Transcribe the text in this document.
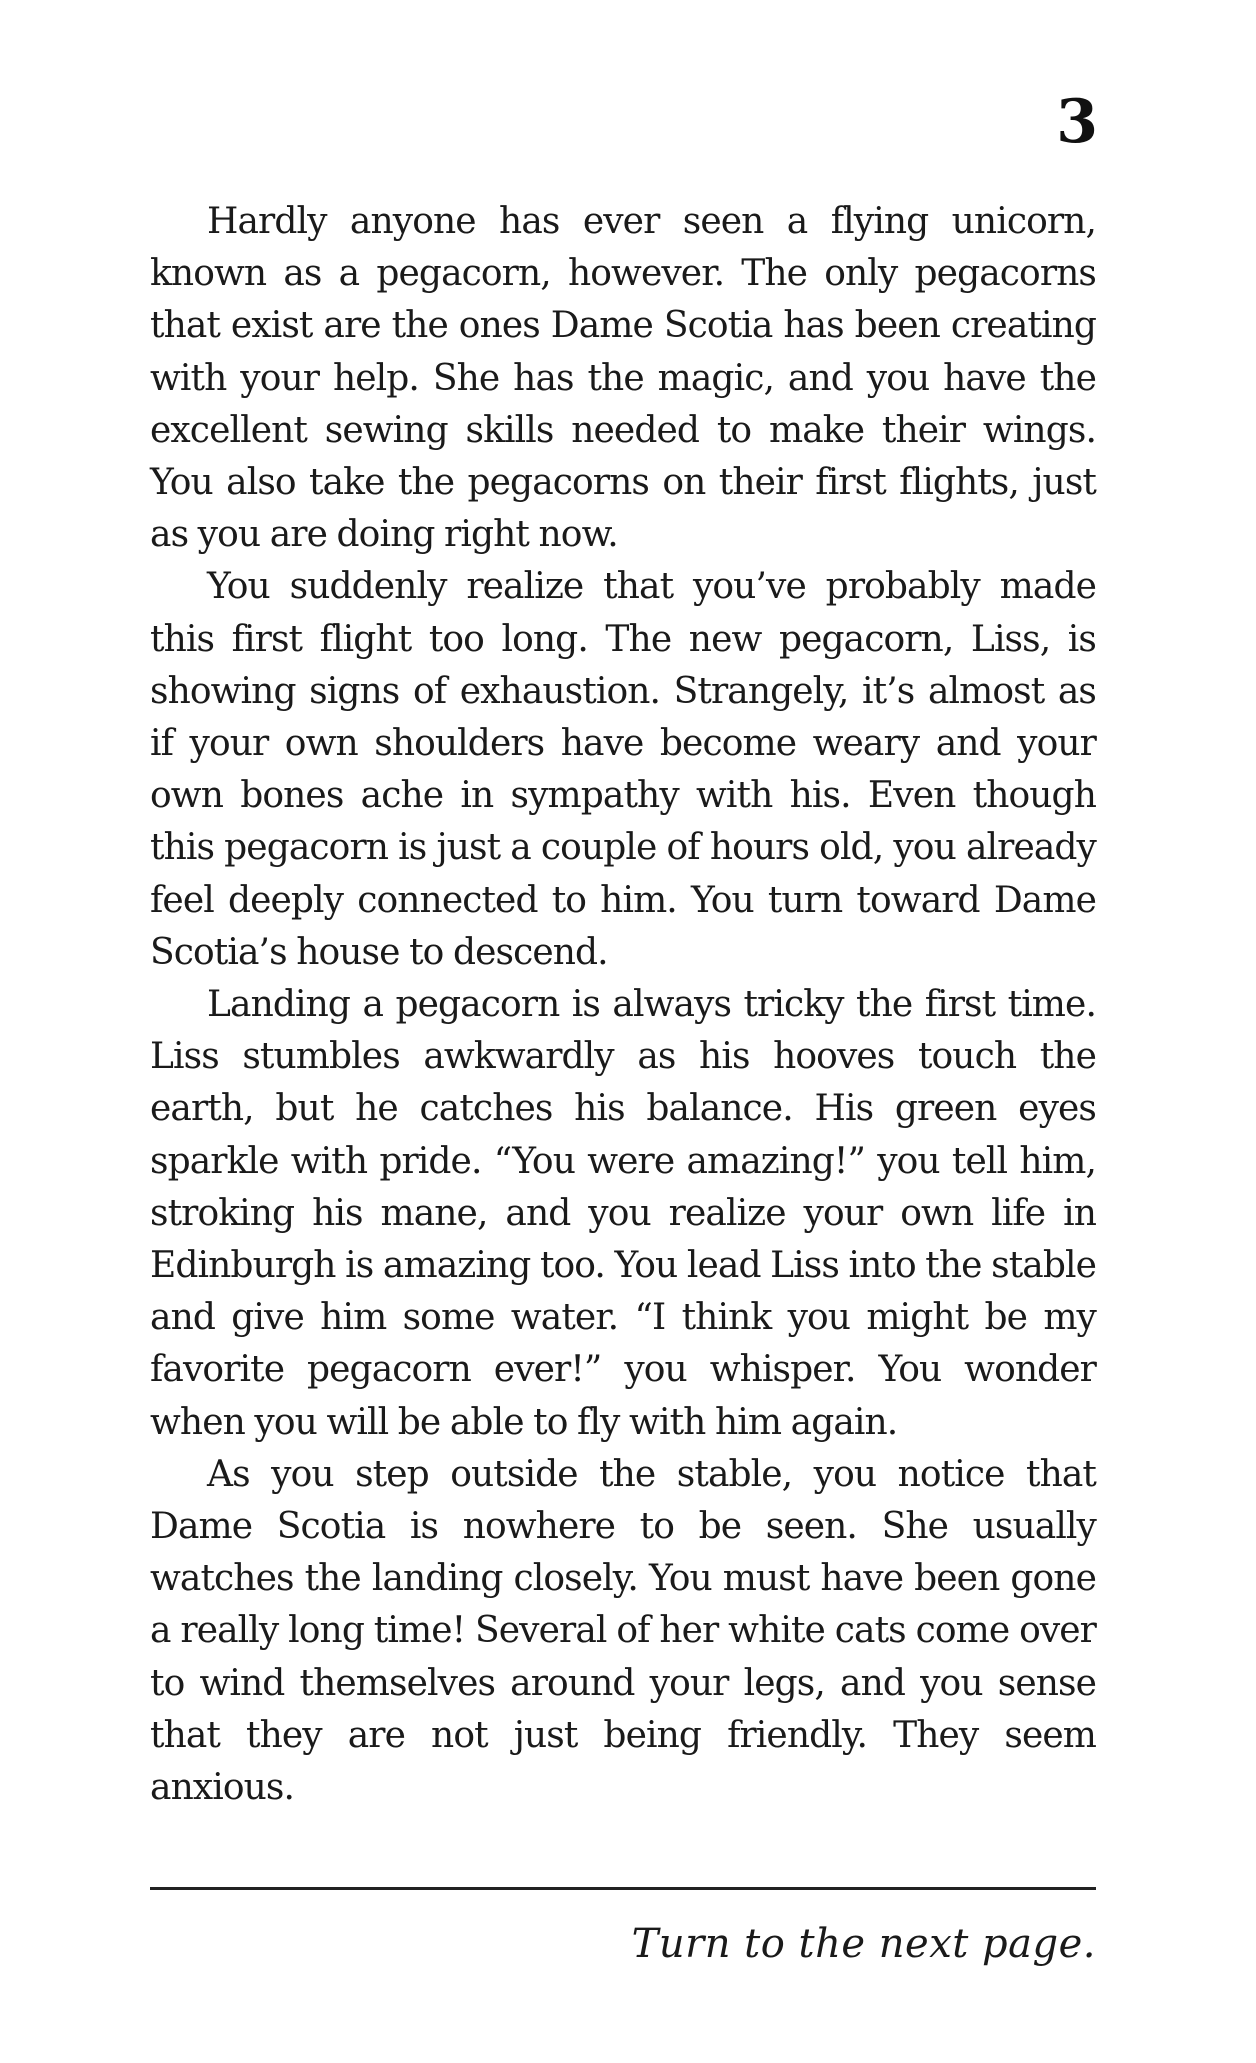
3

Hardly anyone has ever seen a flying unicorn, known as a pegacorn, however. The only pegacorns that exist are the ones Dame Scotia has been creating with your help. She has the magic, and you have the excellent sewing skills needed to make their wings. You also take the pegacorns on their first flights, just as you are doing right now.

You suddenly realize that you’ve probably made this first flight too long. The new pegacorn, Liss, is showing signs of exhaustion. Strangely, it’s almost as if your own shoulders have become weary and your own bones ache in sympathy with his. Even though this pegacorn is just a couple of hours old, you already feel deeply connected to him. You turn toward Dame Scotia’s house to descend.

Landing a pegacorn is always tricky the first time. Liss stumbles awkwardly as his hooves touch the earth, but he catches his balance. His green eyes sparkle with pride. “You were amazing!” you tell him, stroking his mane, and you realize your own life in Edinburgh is amazing too. You lead Liss into the stable and give him some water. “I think you might be my favorite pegacorn ever!” you whisper. You wonder when you will be able to fly with him again.

As you step outside the stable, you notice that Dame Scotia is nowhere to be seen. She usually watches the landing closely. You must have been gone a really long time! Several of her white cats come over to wind themselves around your legs, and you sense that they are not just being friendly. They seem anxious.

Turn to the next page.
